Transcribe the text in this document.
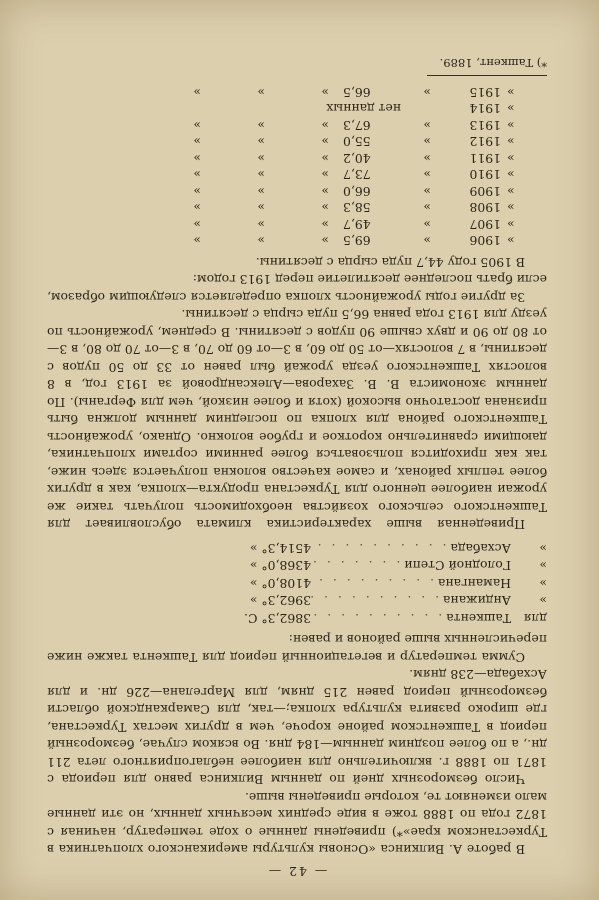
— 42 —

В работе А. Вилкинса «Основы культуры американского хлопчатника в Туркестанском крае»*) приведены данные о ходе температур, начиная с 1872 года по 1888 тоже в виде средних месячных данных, но эти данные мало изменяют те, которые приведены выше.

Число безморозных дней по данным Вилкинса равно для периода с 1871 по 1888 г. включительно для наиболее неблагоприятного лета 211 дн., а по более поздним данным—184 дня. Во всяком случае, безморозный период в Ташкентском районе короче, чем в других местах Туркестана, где широко развита культура хлопка;—так, для Самаркандской области безморозный период равен 215 дням, для Маргелана—226 дн. и для Асхабада—238 дням.

Сумма температур и вегетационный период для Ташкента также ниже перечисленных выше районов и равен:

для
Ташкента . . . . . . . . . .
3862,3° С.
»
Андижана . . . . . . . . . .
3962,3° »
»
Намангана . . . . . . . . . .
4108,0° »
»
Голодной Степи . . . . . . . .
4368,0° »
»
Асхабада . . . . . . . . . .
4514,3° »

Приведенная выше характеристика климата обусловливает для Ташкентского сельского хозяйства необходимость получать такие же урожаи наиболее ценного для Туркестана продукта—хлопка, как в других более теплых районах, и самое качество волокна получается здесь ниже, так как приходится пользоваться более ранними сортами хлопчатника, дающими сравнительно короткое и грубое волокно. Однако, урожайность Ташкентского района для хлопка по последним данным должна быть признана достаточно высокой (хотя и более низкой, чем для Ферганы). По данным экономиста В. В. Захарова—Александровой за 1913 год, в 8 волостях Ташкентского уезда урожай был равен от 33 до 50 пудов с десятины, в 7 волостях—от 50 до 60, в 3—от 60 до 70, в 3—от 70 до 80, в 3—от 80 до 90 и двух свыше 90 пудов с десятины. В среднем, урожайность по уезду для 1913 года равна 66,5 пуда сырца с десятины.

За другие годы урожайность хлопка определяется следующим образом, если брать последнее десятилетие перед 1913 годом:

В 1905 году 44,7 пуда сырца с десятины.

»
1906
»
69,5
»
»
»
»
1907
»
49,7
»
»
»
»
1908
»
58,3
»
»
»
»
1909
»
66,0
»
»
»
»
1910
»
73,7
»
»
»
»
1911
»
40,2
»
»
»
»
1912
»
55,0
»
»
»
»
1913
»
67,3
»
»
»
»
1914
нет данных
»
1915
»
66,5
»
»
»
*) Ташкент, 1889.
